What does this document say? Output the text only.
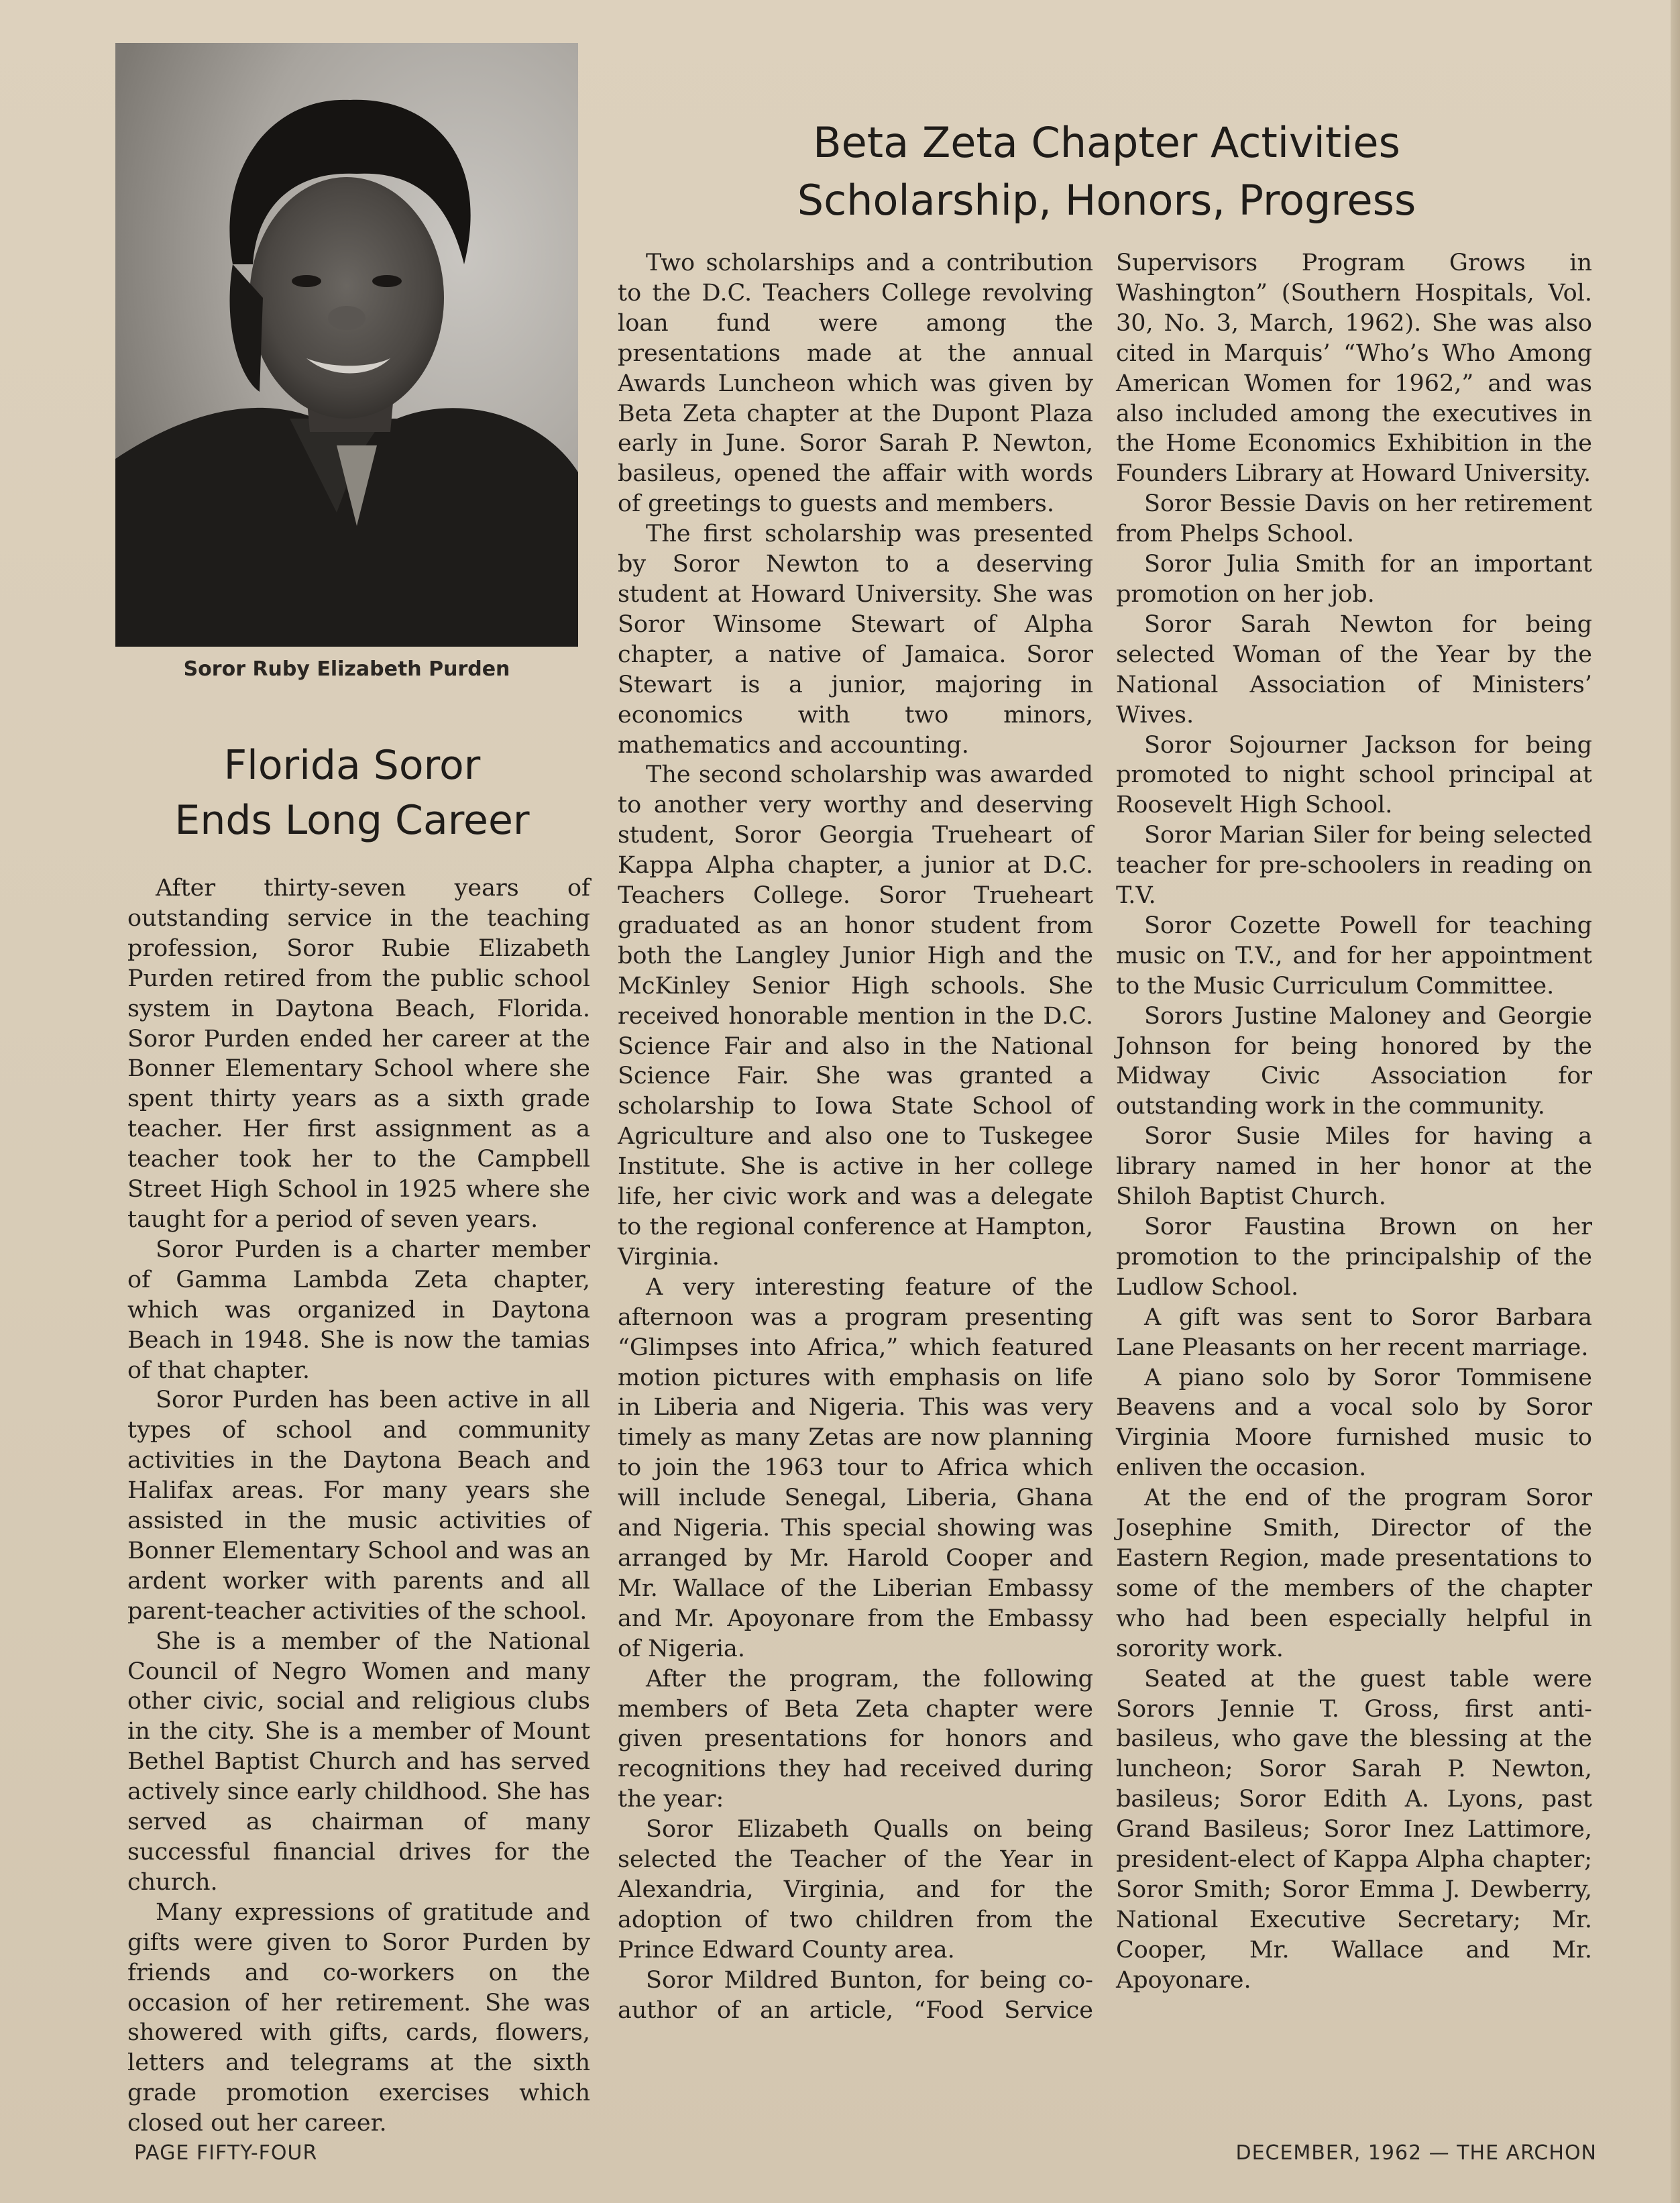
Soror Ruby Elizabeth Purden
Florida Soror
Ends Long Career

After thirty-seven years of outstanding service in the teaching profession, Soror Rubie Elizabeth Purden retired from the public school system in Daytona Beach, Florida. Soror Purden ended her career at the Bonner Elementary School where she spent thirty years as a sixth grade teacher. Her first assignment as a teacher took her to the Campbell Street High School in 1925 where she taught for a period of seven years.

Soror Purden is a charter member of Gamma Lambda Zeta chapter, which was organized in Daytona Beach in 1948. She is now the tamias of that chapter.

Soror Purden has been active in all types of school and community activities in the Daytona Beach and Halifax areas. For many years she assisted in the music activities of Bonner Elementary School and was an ardent worker with parents and all parent-teacher activities of the school.

She is a member of the National Council of Negro Women and many other civic, social and religious clubs in the city. She is a member of Mount Bethel Baptist Church and has served actively since early childhood. She has served as chairman of many successful financial drives for the church.

Many expressions of gratitude and gifts were given to Soror Purden by friends and co-workers on the occasion of her retirement. She was showered with gifts, cards, flowers, letters and telegrams at the sixth grade promotion exercises which closed out her career.

Beta Zeta Chapter Activities
Scholarship, Honors, Progress

Two scholarships and a contribution to the D.C. Teachers College revolving loan fund were among the presentations made at the annual Awards Luncheon which was given by Beta Zeta chapter at the Dupont Plaza early in June. Soror Sarah P. Newton, basileus, opened the affair with words of greetings to guests and members.

The first scholarship was presented by Soror Newton to a deserving student at Howard University. She was Soror Winsome Stewart of Alpha chapter, a native of Jamaica. Soror Stewart is a junior, majoring in economics with two minors, mathematics and accounting.

The second scholarship was awarded to another very worthy and deserving student, Soror Georgia Trueheart of Kappa Alpha chapter, a junior at D.C. Teachers College. Soror Trueheart graduated as an honor student from both the Langley Junior High and the McKinley Senior High schools. She received honorable mention in the D.C. Science Fair and also in the National Science Fair. She was granted a scholarship to Iowa State School of Agriculture and also one to Tuskegee Institute. She is active in her college life, her civic work and was a delegate to the regional conference at Hampton, Virginia.

A very interesting feature of the afternoon was a program presenting “Glimpses into Africa,” which featured motion pictures with emphasis on life in Liberia and Nigeria. This was very timely as many Zetas are now planning to join the 1963 tour to Africa which will include Senegal, Liberia, Ghana and Nigeria. This special showing was arranged by Mr. Harold Cooper and Mr. Wallace of the Liberian Embassy and Mr. Apoyonare from the Embassy of Nigeria.

After the program, the following members of Beta Zeta chapter were given presentations for honors and recognitions they had received during the year:

Soror Elizabeth Qualls on being selected the Teacher of the Year in Alexandria, Virginia, and for the adoption of two children from the Prince Edward County area.

Soror Mildred Bunton, for being co-author of an article, “Food Service

Supervisors Program Grows in Washington” (Southern Hospitals, Vol. 30, No. 3, March, 1962). She was also cited in Marquis’ “Who’s Who Among American Women for 1962,” and was also included among the executives in the Home Economics Exhibition in the Founders Library at Howard University.

Soror Bessie Davis on her retirement from Phelps School.

Soror Julia Smith for an important promotion on her job.

Soror Sarah Newton for being selected Woman of the Year by the National Association of Ministers’ Wives.

Soror Sojourner Jackson for being promoted to night school principal at Roosevelt High School.

Soror Marian Siler for being selected teacher for pre-schoolers in reading on T.V.

Soror Cozette Powell for teaching music on T.V., and for her appointment to the Music Curriculum Committee.

Sorors Justine Maloney and Georgie Johnson for being honored by the Midway Civic Association for outstanding work in the community.

Soror Susie Miles for having a library named in her honor at the Shiloh Baptist Church.

Soror Faustina Brown on her promotion to the principalship of the Ludlow School.

A gift was sent to Soror Barbara Lane Pleasants on her recent marriage.

A piano solo by Soror Tommisene Beavens and a vocal solo by Soror Virginia Moore furnished music to enliven the occasion.

At the end of the program Soror Josephine Smith, Director of the Eastern Region, made presentations to some of the members of the chapter who had been especially helpful in sorority work.

Seated at the guest table were Sorors Jennie T. Gross, first anti-basileus, who gave the blessing at the luncheon; Soror Sarah P. Newton, basileus; Soror Edith A. Lyons, past Grand Basileus; Soror Inez Lattimore, president-elect of Kappa Alpha chapter; Soror Smith; Soror Emma J. Dewberry, National Executive Secretary; Mr. Cooper, Mr. Wallace and Mr. Apoyonare.

PAGE FIFTY-FOUR	DECEMBER, 1962 — THE ARCHON
